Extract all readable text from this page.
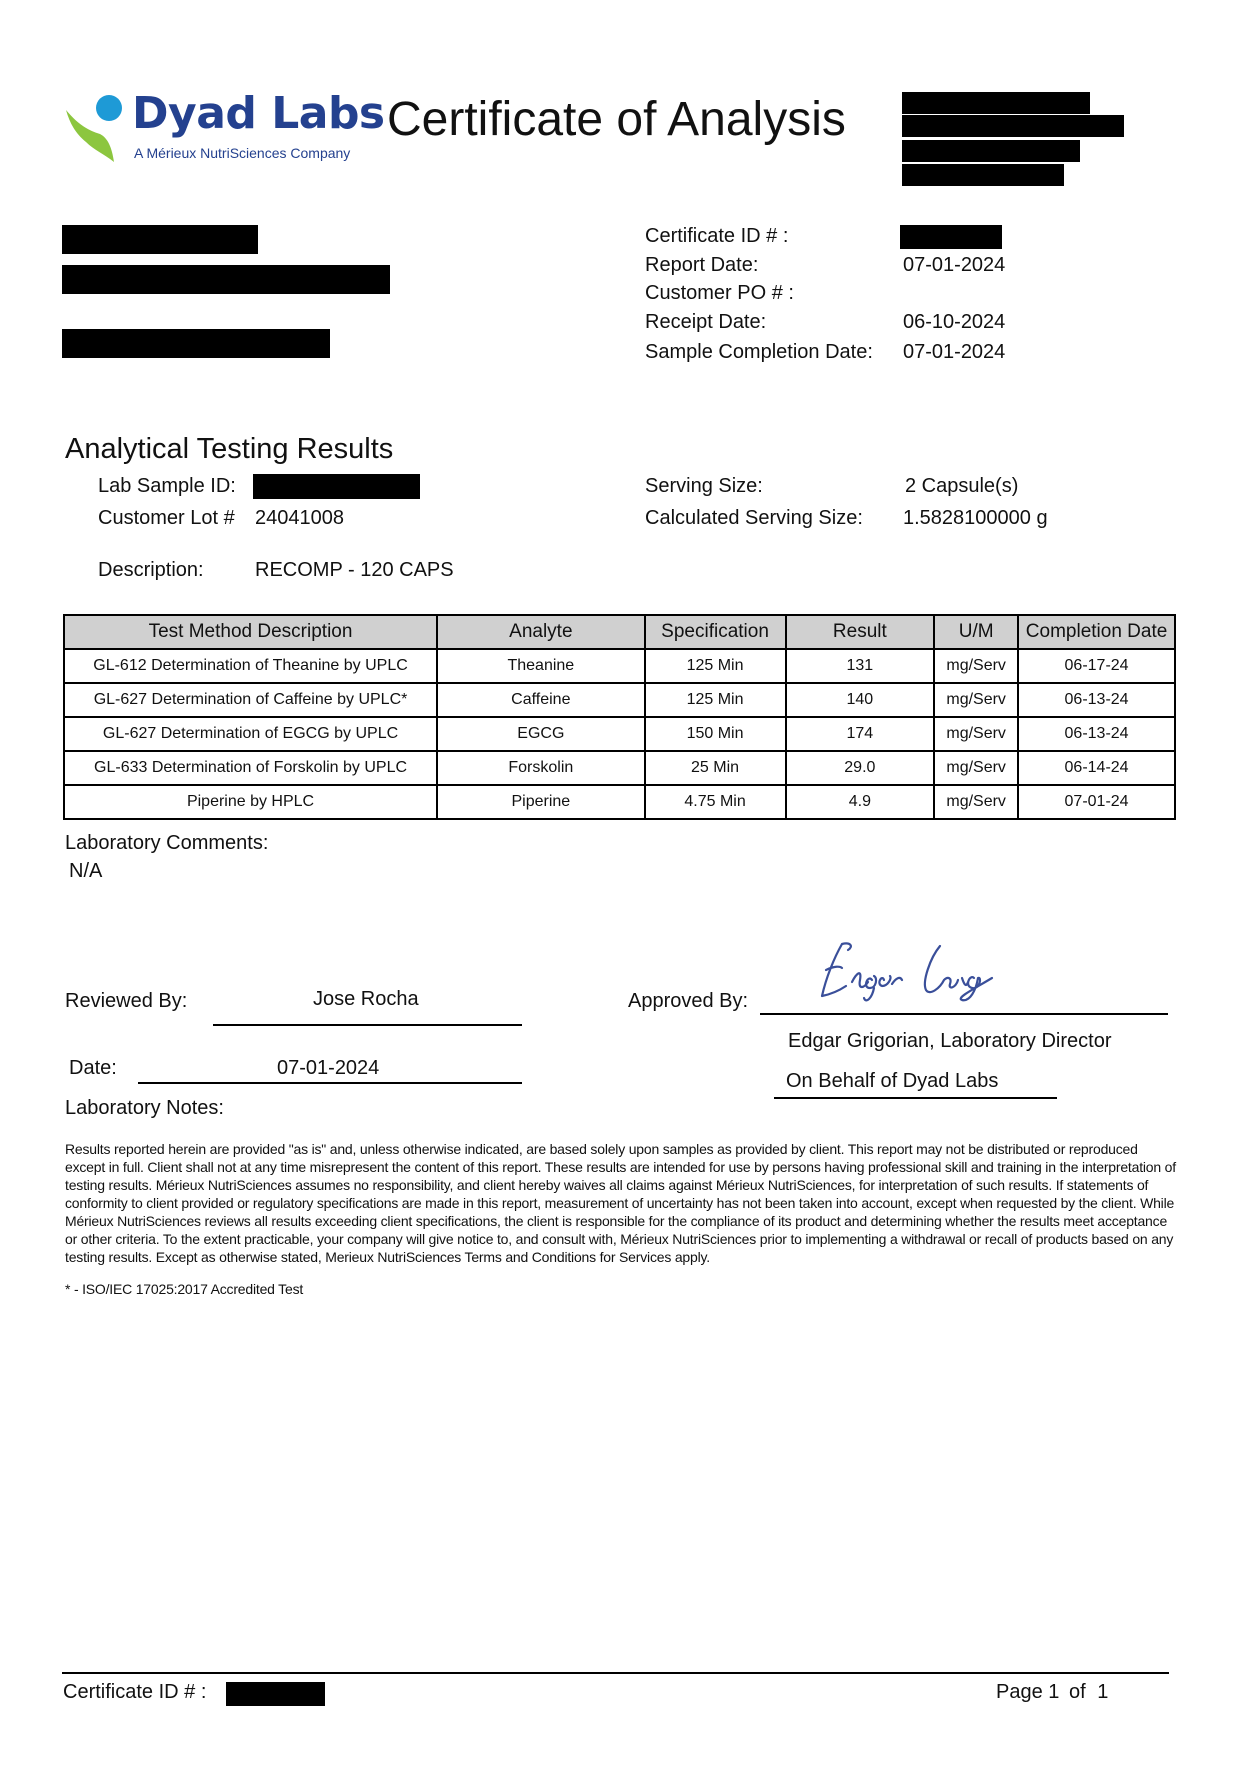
Dyad Labs
A Mérieux NutriSciences Company
Certificate of Analysis
Certificate ID # :
Report Date:	07-01-2024
Customer PO # :
Receipt Date:	06-10-2024
Sample Completion Date: 07-01-2024
Analytical Testing Results
Lab Sample ID:
Customer Lot # 24041008
Serving Size:	2 Capsule(s)
Calculated Serving Size: 1.5828100000 g
Description:	RECOMP - 120 CAPS
Test Method Description	Analyte	Specification	Result	U/M	Completion Date
GL-612 Determination of Theanine by UPLC	Theanine	125 Min	131	mg/Serv	06-17-24
GL-627 Determination of Caffeine by UPLC*	Caffeine	125 Min	140	mg/Serv	06-13-24
GL-627 Determination of EGCG by UPLC	EGCG	150 Min	174	mg/Serv	06-13-24
GL-633 Determination of Forskolin by UPLC	Forskolin	25 Min	29.0	mg/Serv	06-14-24
Piperine by HPLC	Piperine	4.75 Min	4.9	mg/Serv	07-01-24
Laboratory Comments:
N/A
Reviewed By:	Jose Rocha
Date:	07-01-2024
Approved By:
Edgar Grigorian, Laboratory Director
On Behalf of Dyad Labs
Laboratory Notes:
Results reported herein are provided "as is" and, unless otherwise indicated, are based solely upon samples as provided by client. This report may not be distributed or reproduced except in full. Client shall not at any time misrepresent the content of this report. These results are intended for use by persons having professional skill and training in the interpretation of testing results. Mérieux NutriSciences assumes no responsibility, and client hereby waives all claims against Mérieux NutriSciences, for interpretation of such results. If statements of conformity to client provided or regulatory specifications are made in this report, measurement of uncertainty has not been taken into account, except when requested by the client. While Mérieux NutriSciences reviews all results exceeding client specifications, the client is responsible for the compliance of its product and determining whether the results meet acceptance or other criteria. To the extent practicable, your company will give notice to, and consult with, Mérieux NutriSciences prior to implementing a withdrawal or recall of products based on any testing results. Except as otherwise stated, Merieux NutriSciences Terms and Conditions for Services apply.
* - ISO/IEC 17025:2017 Accredited Test
Certificate ID # :	Page 1 of 1
